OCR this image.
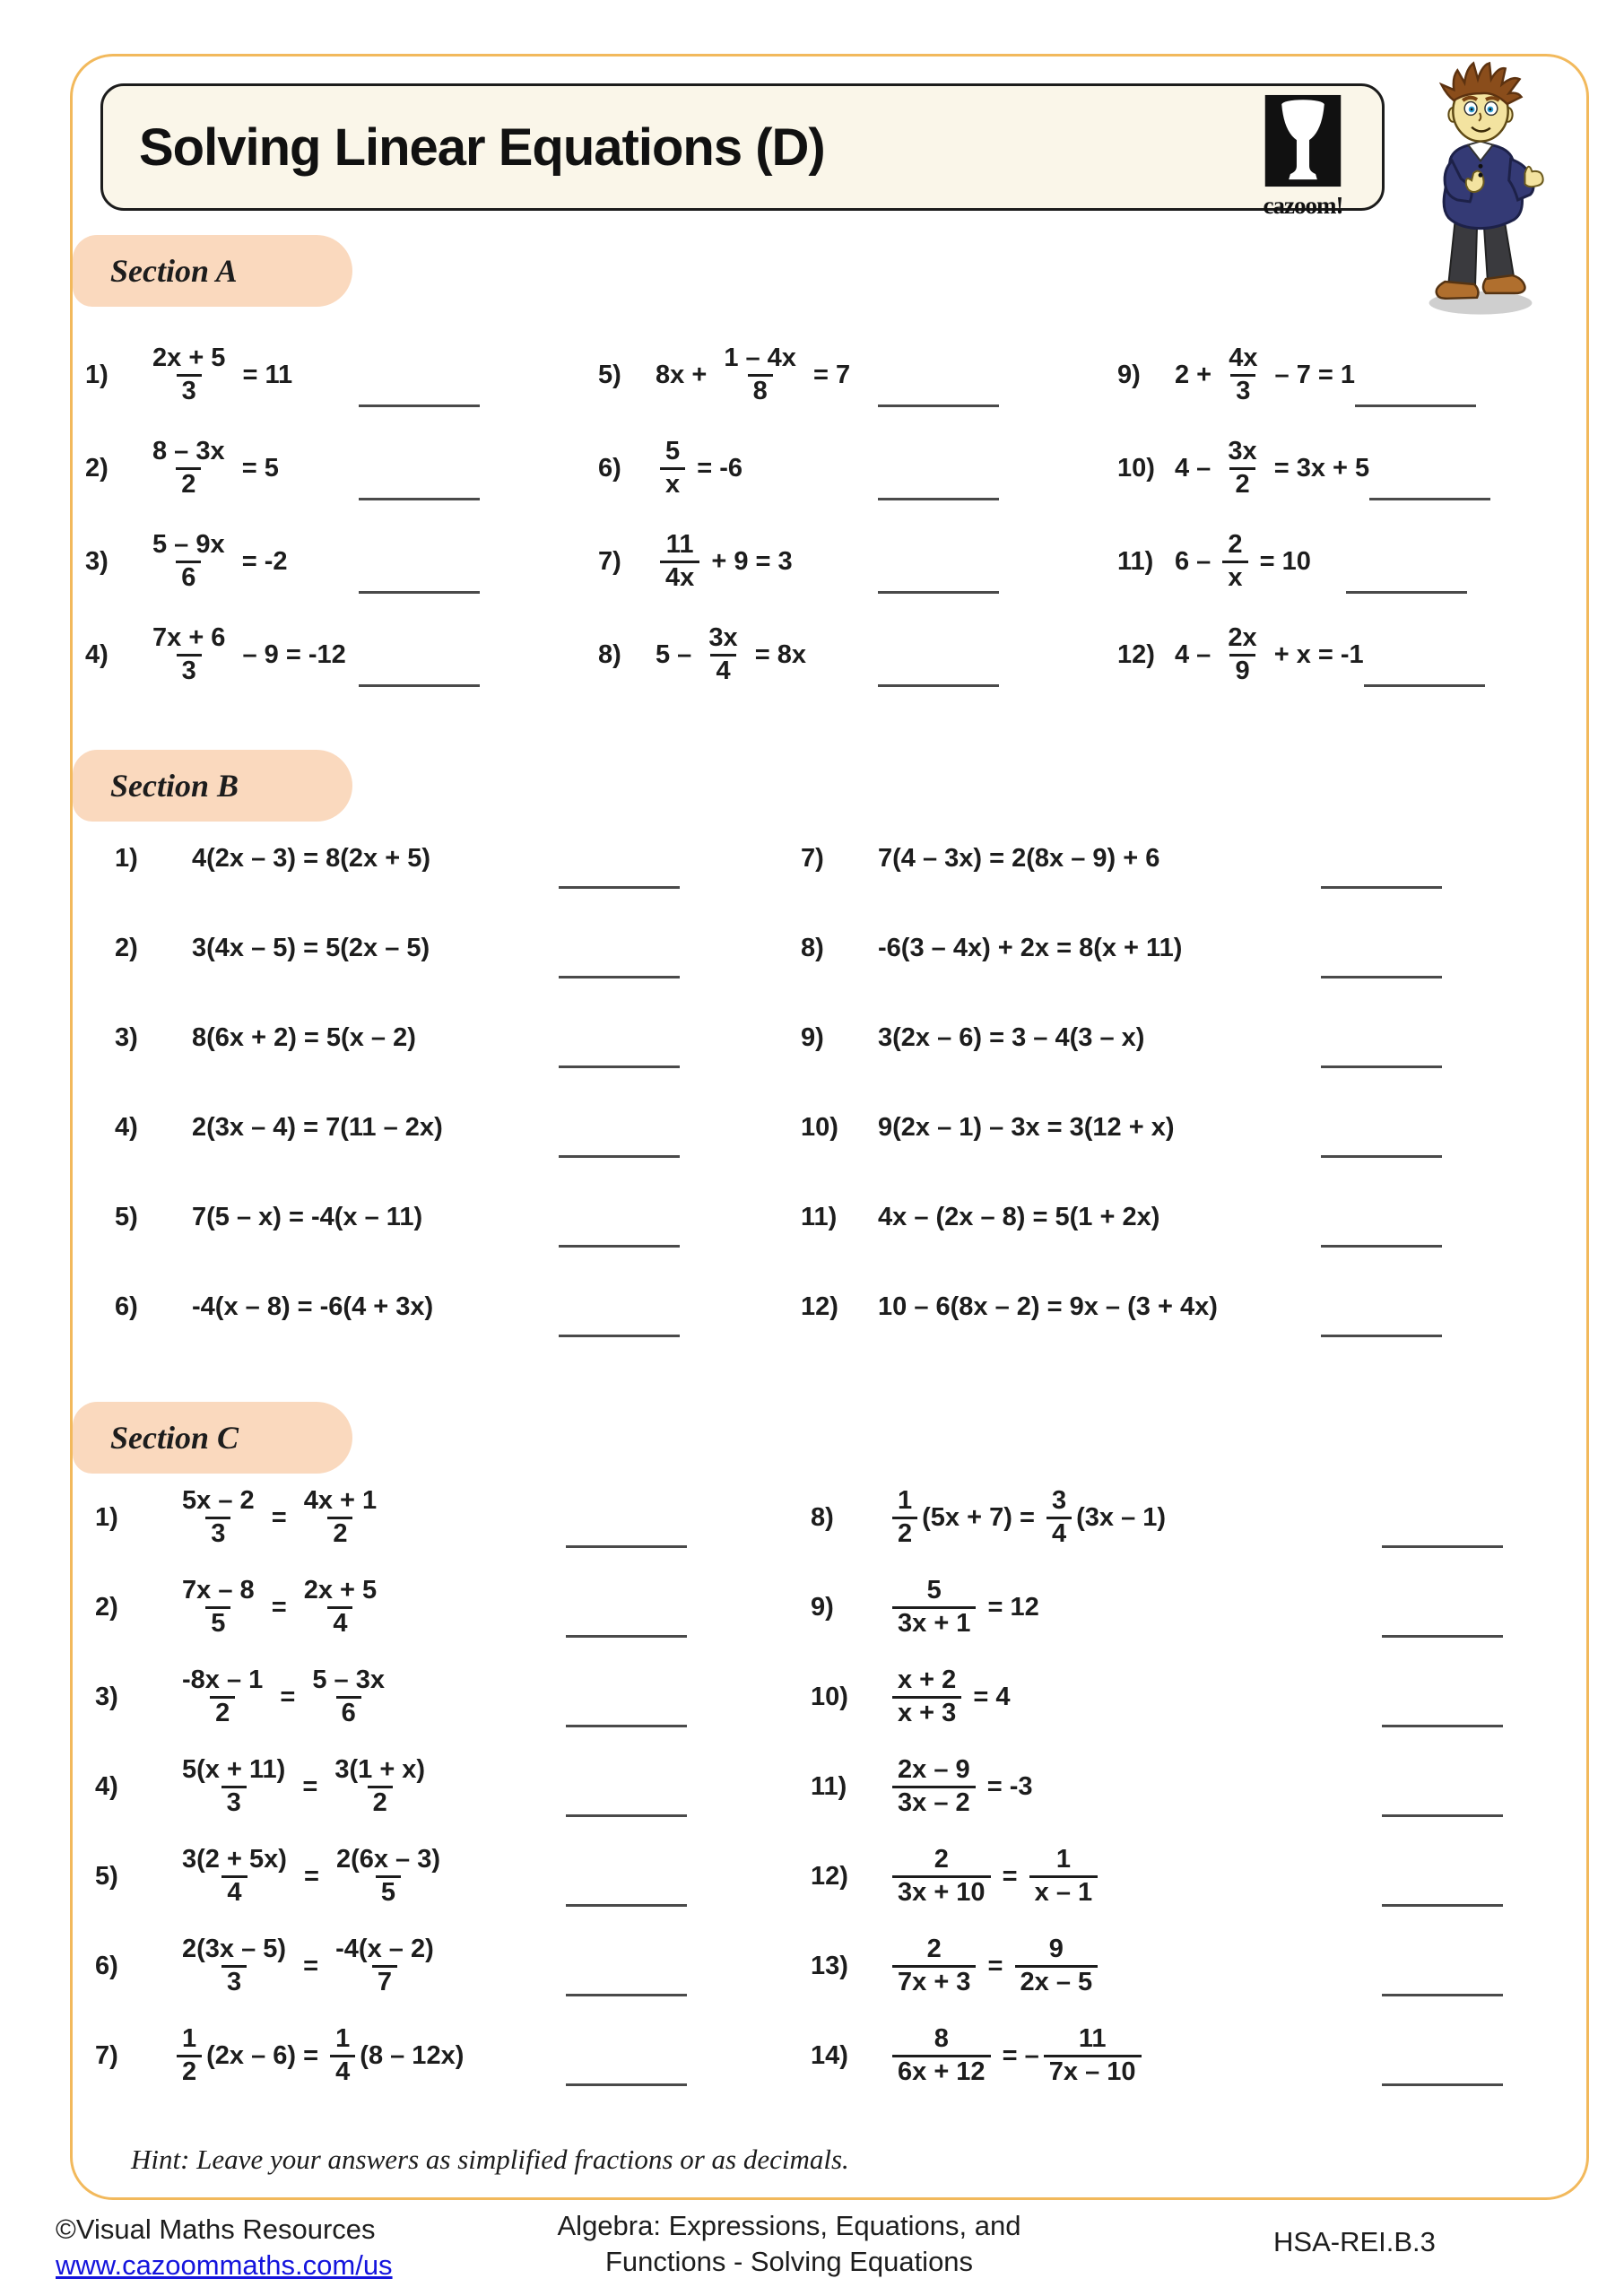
Solving Linear Equations (D)
cazoom!
Section A
1)	$\frac{2x + 5}{3} = 11$
2)	$\frac{8 - 3x}{2} = 5$
3)	$\frac{5 - 9x}{6} = -2$
4)	$\frac{7x + 6}{3} - 9 = -12$
5)	$8x + \frac{1 - 4x}{8} = 7$
6)	$\frac{5}{x} = -6$
7)	$\frac{11}{4x} + 9 = 3$
8)	$5 - \frac{3x}{4} = 8x$
9)	$2 + \frac{4x}{3} - 7 = 1$
10) $4 - \frac{3x}{2} = 3x + 5$
11) $6 - \frac{2}{x} = 10$
12) $4 - \frac{2x}{9} + x = -1$
Section B
1)	4(2x – 3) = 8(2x + 5)
2)	3(4x – 5) = 5(2x – 5)
3)	8(6x + 2) = 5(x – 2)
4)	2(3x – 4) = 7(11 – 2x)
5)	7(5 – x) = -4(x – 11)
6)	-4(x – 8) = -6(4 + 3x)
7)	7(4 – 3x) = 2(8x – 9) + 6
8)	-6(3 – 4x) + 2x = 8(x + 11)
9)	3(2x – 6) = 3 – 4(3 – x)
10)	9(2x – 1) – 3x = 3(12 + x)
11)	4x – (2x – 8) = 5(1 + 2x)
12)	10 – 6(8x – 2) = 9x – (3 + 4x)
Section C
1)	$\frac{5x - 2}{3} = \frac{4x + 1}{2}$
2)	$\frac{7x - 8}{5} = \frac{2x + 5}{4}$
3)	$\frac{-8x - 1}{2} = \frac{5 - 3x}{6}$
4)	$\frac{5(x + 11)}{3} = \frac{3(1 + x)}{2}$
5)	$\frac{3(2 + 5x)}{4} = \frac{2(6x - 3)}{5}$
6)	$\frac{2(3x - 5)}{3} = \frac{-4(x - 2)}{7}$
7)	$\frac{1}{2} (2x - 6) = \frac{1}{4} (8 - 12x)$
8)	$\frac{1}{2} (5x + 7) = \frac{3}{4} (3x - 1)$
9)	$\frac{5}{3x + 1} = 12$
10)	$\frac{x + 2}{x + 3} = 4$
11)	$\frac{2x - 9}{3x - 2} = -3$
12)	$\frac{2}{3x + 10} = \frac{1}{x - 1}$
13)	$\frac{2}{7x + 3} = \frac{9}{2x - 5}$
14)	$\frac{8}{6x + 12}$ = – $\frac{11}{7x - 10}$
Hint: Leave your answers as simplified fractions or as decimals.
©Visual Maths Resources
www.cazoommaths.com/us
Algebra: Expressions, Equations, and
Functions - Solving Equations
HSA-REI.B.3
